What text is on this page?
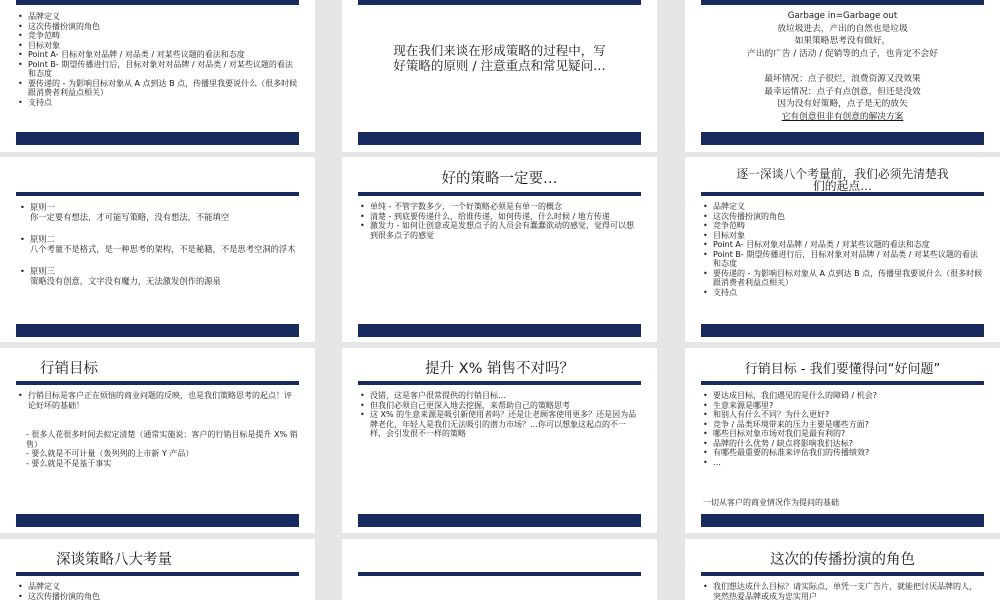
• 品牌定义
• 这次传播扮演的角色
• 竞争范畴
• 目标对象
• Point A- 目标对象对品牌 / 对品类 / 对某些议题的看法和态度
• Point B- 期望传播进行后，目标对象对对品牌 / 对品类 / 对某些议题的看法和态度
• 要传递的 - 为影响目标对象从 A 点到达 B 点，传播里我要说什么（很多时候跟消费者利益点相关）
• 支持点
现在我们来谈在形成策略的过程中，写
好策略的原则 / 注意重点和常见疑问…
Garbage in=Garbage out
放垃圾进去，产出的自然也是垃圾
如果策略思考没有做好，
产出的广告 / 活动 / 促销等的点子，也肯定不会好

最坏情况：点子很烂，浪费资源又没效果
最幸运情况：点子有点创意，但还是没效
因为没有好策略，点子是无的放矢
它有创意但非有创意的解决方案
• 原则一
你一定要有想法，才可能写策略，没有想法，不能填空
• 原则二
八个考量不是格式，是一种思考的架构，不是秘籍，不是思考空洞的浮木
• 原则三
策略没有创意，文字没有魔力，无法激发创作的源泉
好的策略一定要…
• 单纯 - 不管字数多少，一个好策略必须是有单一的概念
• 清楚 - 到底要传递什么，给谁传递，如何传递，什么时候 / 地方传递
• 激发力 - 如何让创意或是发想点子的人员会有蠢蠢欲动的感觉，觉得可以想到很多点子的感觉
逐一深谈八个考量前，我们必须先清楚我
们的起点…
• 品牌定义
• 这次传播扮演的角色
• 竞争范畴
• 目标对象
• Point A- 目标对象对品牌 / 对品类 / 对某些议题的看法和态度
• Point B- 期望传播进行后，目标对象对对品牌 / 对品类 / 对某些议题的看法和态度
• 要传递的 - 为影响目标对象从 A 点到达 B 点，传播里我要说什么（很多时候跟消费者利益点相关）
• 支持点
行销目标
• 行销目标是客户正在烦恼的商业问题的反映，也是我们策略思考的起点！评论好坏的基础！
- 很多人花很多时间去拟定清楚（通常实施说：客户的行销目标是提升 X% 销售）
- 要么就是不可计量（轰列列的上市新 Y 产品）
- 要么就是不是基于事实
提升 X% 销售不对吗？
• 没错，这是客户很常提供的行销目标…
• 但我们必须自己更深入地去挖掘，来帮助自己的策略思考
• 这 X% 的生意来源是吸引新使用者吗？还是让老顾客使用更多？还是因为品牌老化，年轻人是我们无法吸引的潜力市场？…你可以想象这起点的不一样，会引发很不一样的策略
行销目标 - 我们要懂得问“好问题”
• 要达成目标，我们遇见的是什么的障碍 / 机会?
• 生意来源是哪里?
• 和别人有什么不同？为什么更好?
• 竞争 / 品类环境带来的压力主要是哪些方面?
• 哪些目标对象市场对我们是最有利的?
• 品牌的什么优势 / 缺点将影响我们达标?
• 有哪些最重要的标准来评估我们的传播绩效?
• …
一切从客户的商业情况作为提问的基础
深谈策略八大考量
• 品牌定义
• 这次传播扮演的角色
这次的传播扮演的角色
• 我们想达成什么目标？请实际点，单凭一支广告片，就能把讨厌品牌的人，突然热爱品牌或成为忠实用户
